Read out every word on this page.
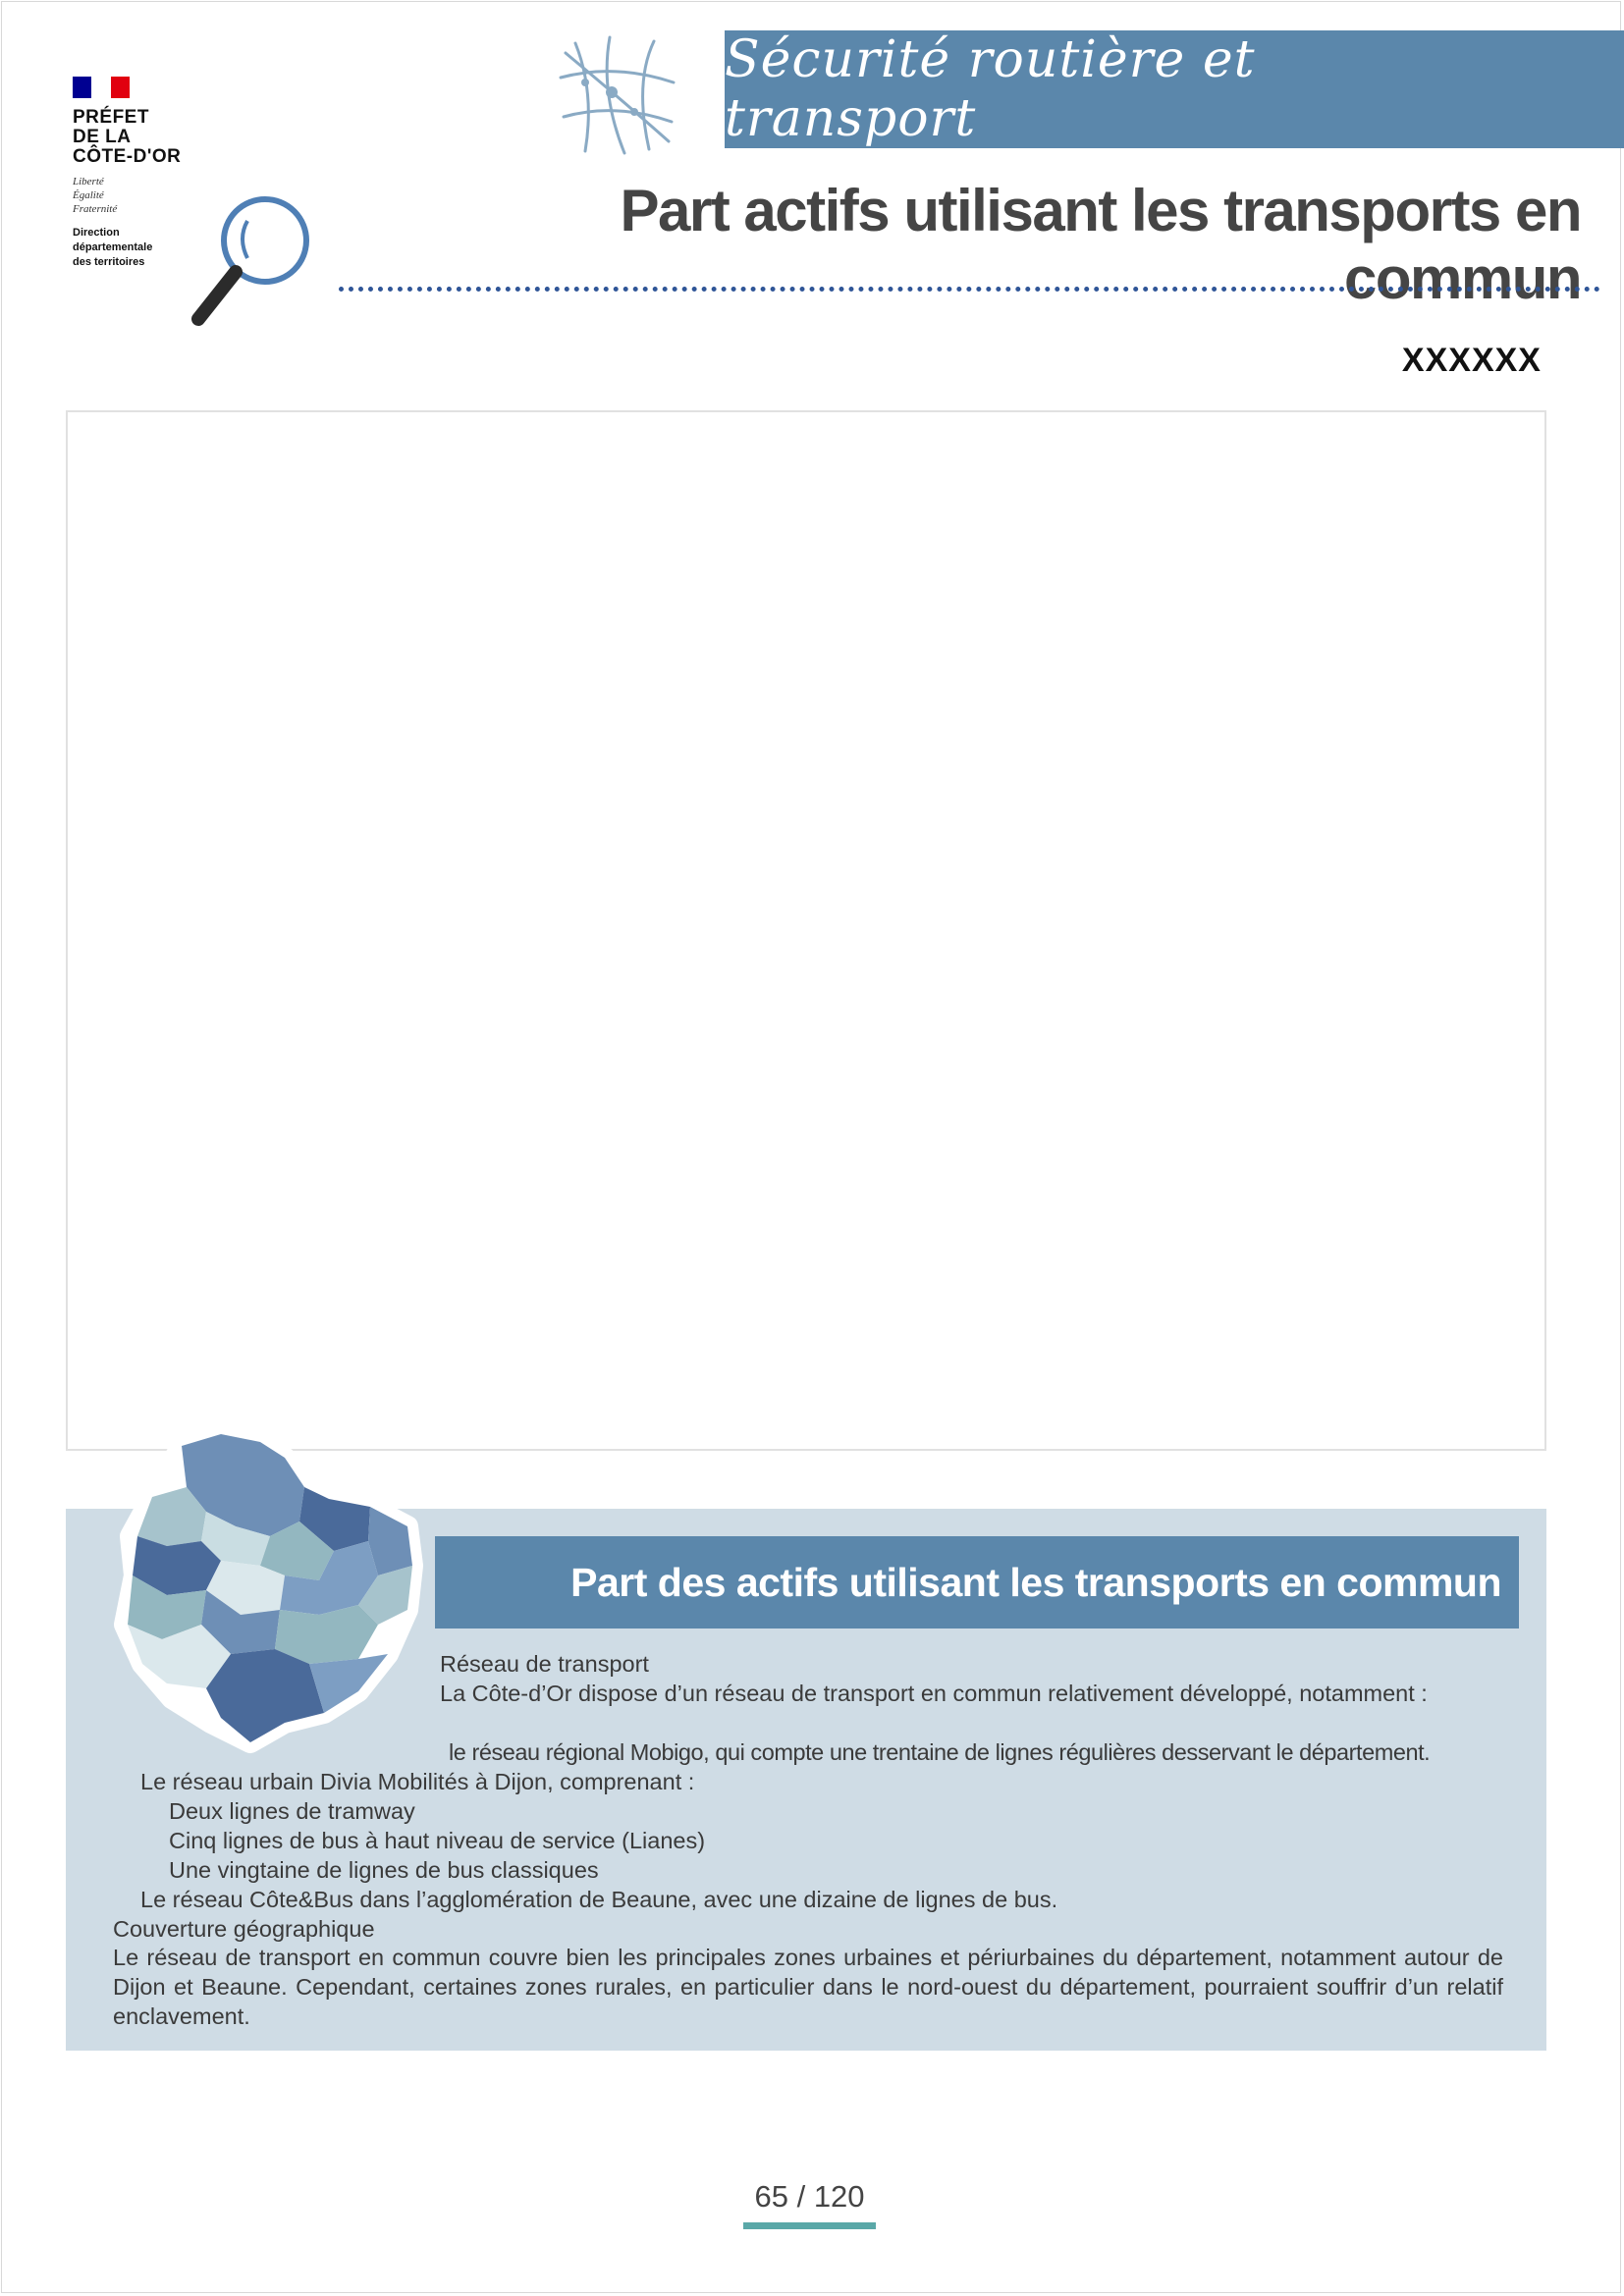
PRÉFET
DE LA
CÔTE-D'OR
Liberté
Égalité
Fraternité
Direction
départementale
des territoires
Sécurité routière et transport
Part actifs utilisant les transports en commun
XXXXXX
Part des actifs utilisant les transports en commun
Réseau de transport
La Côte-d’Or dispose d’un réseau de transport en commun relativement développé, notamment :
le réseau régional Mobigo, qui compte une trentaine de lignes régulières desservant le département.
Le réseau urbain Divia Mobilités à Dijon, comprenant :
Deux lignes de tramway
Cinq lignes de bus à haut niveau de service (Lianes)
Une vingtaine de lignes de bus classiques
Le réseau Côte&Bus dans l’agglomération de Beaune, avec une dizaine de lignes de bus.
Couverture géographique
Le réseau de transport en commun couvre bien les principales zones urbaines et périurbaines du département, notamment autour de Dijon et Beaune. Cependant, certaines zones rurales, en particulier dans le nord-ouest du département, pourraient souffrir d’un relatif enclavement.
65 / 120
